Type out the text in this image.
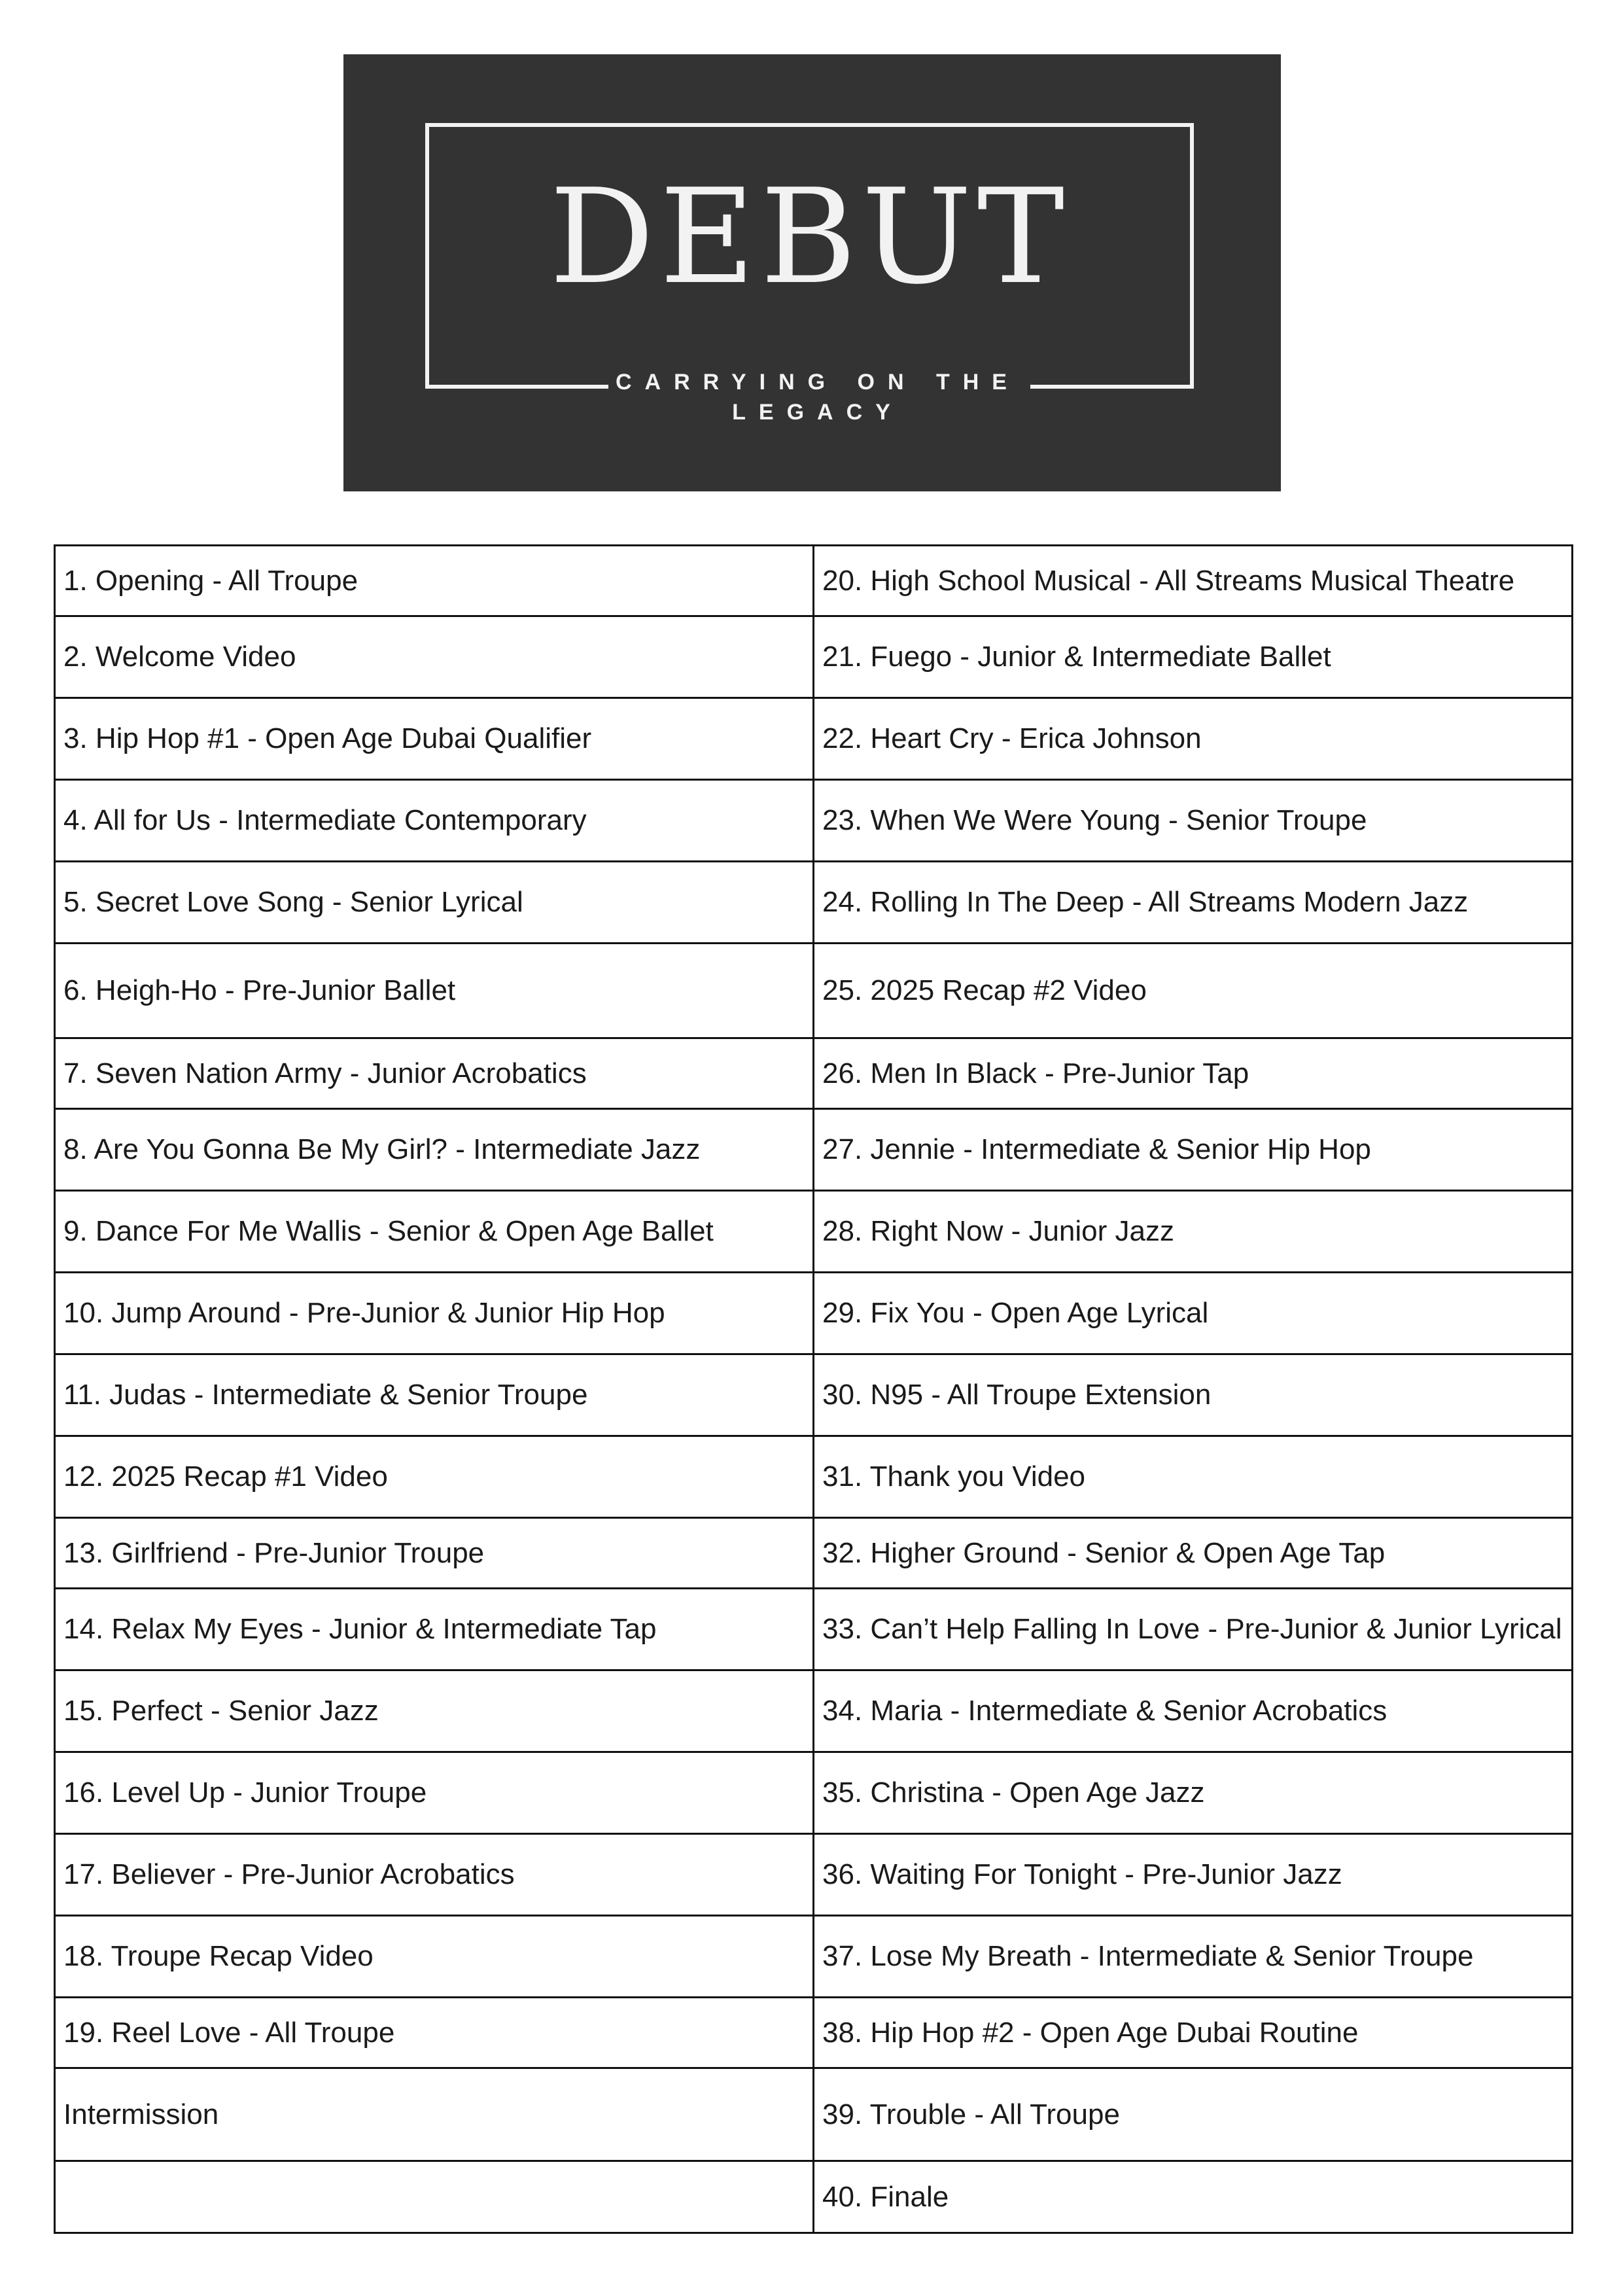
DEBUT
CARRYING ON THE
LEGACY
1. Opening - All Troupe	20. High School Musical - All Streams Musical Theatre
2. Welcome Video	21. Fuego - Junior & Intermediate Ballet
3. Hip Hop #1 - Open Age Dubai Qualifier	22. Heart Cry - Erica Johnson
4. All for Us - Intermediate Contemporary	23. When We Were Young - Senior Troupe
5. Secret Love Song - Senior Lyrical	24. Rolling In The Deep - All Streams Modern Jazz
6. Heigh-Ho - Pre-Junior Ballet	25. 2025 Recap #2 Video
7. Seven Nation Army - Junior Acrobatics	26. Men In Black - Pre-Junior Tap
8. Are You Gonna Be My Girl? - Intermediate Jazz	27. Jennie - Intermediate & Senior Hip Hop
9. Dance For Me Wallis - Senior & Open Age Ballet	28. Right Now - Junior Jazz
10. Jump Around - Pre-Junior & Junior Hip Hop	29. Fix You - Open Age Lyrical
11. Judas - Intermediate & Senior Troupe	30. N95 - All Troupe Extension
12. 2025 Recap #1 Video	31. Thank you Video
13. Girlfriend - Pre-Junior Troupe	32. Higher Ground - Senior & Open Age Tap
14. Relax My Eyes - Junior & Intermediate Tap	33. Can’t Help Falling In Love - Pre-Junior & Junior Lyrical
15. Perfect - Senior Jazz	34. Maria - Intermediate & Senior Acrobatics
16. Level Up - Junior Troupe	35. Christina - Open Age Jazz
17. Believer - Pre-Junior Acrobatics	36. Waiting For Tonight - Pre-Junior Jazz
18. Troupe Recap Video	37. Lose My Breath - Intermediate & Senior Troupe
19. Reel Love - All Troupe	38. Hip Hop #2 - Open Age Dubai Routine
Intermission	39. Trouble - All Troupe
	40. Finale
